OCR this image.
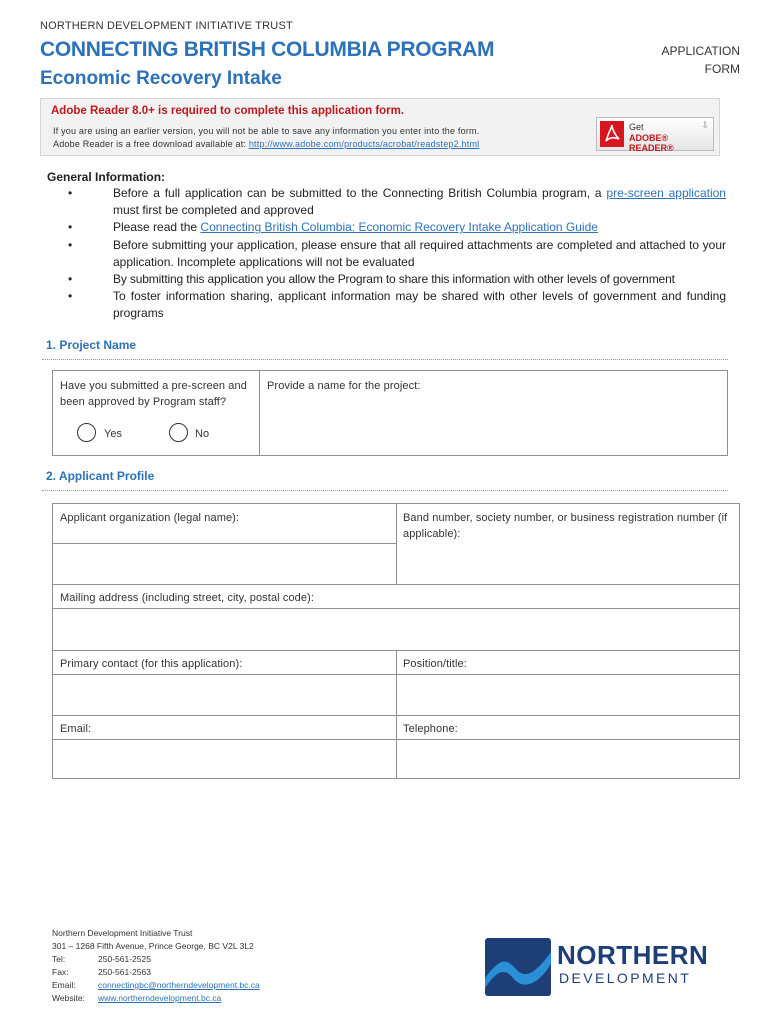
NORTHERN DEVELOPMENT INITIATIVE TRUST
CONNECTING BRITISH COLUMBIA PROGRAM
Economic Recovery Intake
APPLICATION
FORM
Adobe Reader 8.0+ is required to complete this application form.
If you are using an earlier version, you will not be able to save any information you enter into the form.
Adobe Reader is a free download available at: http://www.adobe.com/products/acrobat/readstep2.html
Get
ADOBE® READER®
⇩
General Information:
•	Before a full application can be submitted to the Connecting British Columbia program, a pre-screen application must first be completed and approved
•	Please read the Connecting British Columbia: Economic Recovery Intake Application Guide
•	Before submitting your application, please ensure that all required attachments are completed and attached to your application. Incomplete applications will not be evaluated
•	By submitting this application you allow the Program to share this information with other levels of government
•	To foster information sharing, applicant information may be shared with other levels of government and funding programs
1. Project Name
Have you submitted a pre-screen and been approved by Program staff?
Yes	No
Provide a name for the project:
2. Applicant Profile
Applicant organization (legal name):	Band number, society number, or business registration number (if applicable):
Mailing address (including street, city, postal code):
Primary contact (for this application):	Position/title:
Email:	Telephone:
Northern Development Initiative Trust
301 – 1268 Fifth Avenue, Prince George, BC V2L 3L2
Tel:	250-561-2525
Fax:	250-561-2563
Email:	connectingbc@northerndevelopment.bc.ca
Website: www.northerndevelopment.bc.ca
NORTHERN
DEVELOPMENT
